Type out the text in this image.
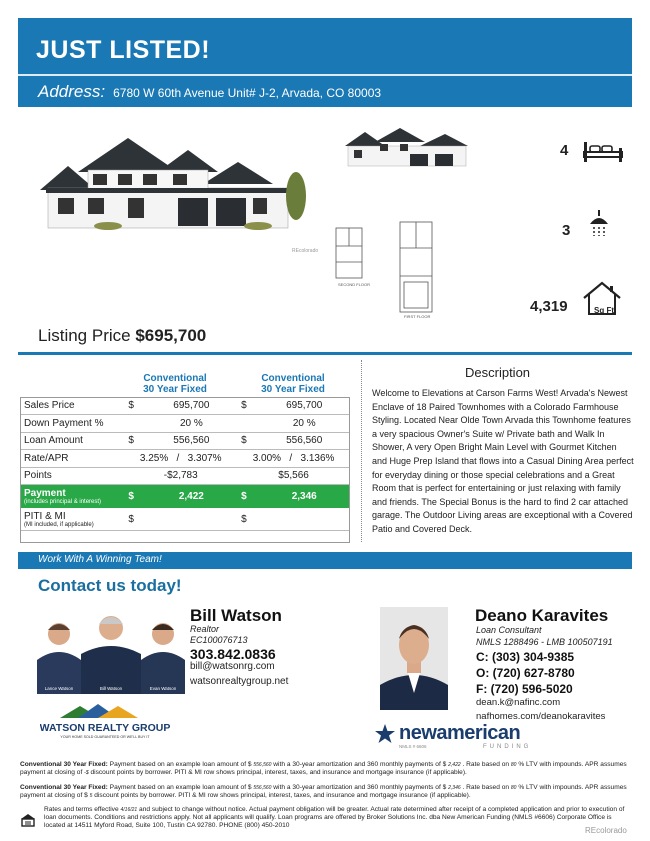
JUST LISTED!
Address: 6780 W 60th Avenue Unit# J-2, Arvada, CO 80003
REcolorado
SECOND FLOOR
FIRST FLOOR
4
3
4,319	Sq Ft
Listing Price $695,700
Conventional
30 Year Fixed
Conventional
30 Year Fixed
Sales Price	$	695,700	$	695,700
Down Payment %		20 %		20 %
Loan Amount	$	556,560	$	556,560
Rate/APR	3.25%   /   3.307%		3.00%   /   3.136%	
Points	-$2,783		$5,566	
Payment
(includes principal & interest)	$	2,422	$	2,346
PITI & MI
(MI included, if applicable)	$		$	
Description
Welcome to Elevations at Carson Farms West! Arvada's Newest Enclave of 18 Paired Townhomes with a Colorado Farmhouse Styling. Located Near Olde Town Arvada this Townhome features a very spacious Owner's Suite w/ Private bath and Walk In Shower, A very Open Bright Main Level with Gourmet Kitchen and Huge Prep Island that flows into a Casual Dining Area perfect for everyday dining or those special celebrations and a Great Room that is perfect for entertaining or just relaxing with family and friends. The Special Bonus is the hard to find 2 car attached garage. The Outdoor Living areas are exceptional with a Covered Patio and Covered Deck.
Work With A Winning Team!
Contact us today!
Lance Watson	Bill Watson	Evan Watson
WATSON REALTY GROUP
YOUR HOME SOLD GUARANTEED OR WE'LL BUY IT
Bill Watson
Realtor
EC100076713
303.842.0836
bill@watsonrg.com
watsonrealtygroup.net
Deano Karavites
Loan Consultant
NMLS 1288496 - LMB 100507191
C: (303) 304-9385
O: (720) 627-8780
F: (720) 596-5020
dean.k@nafinc.com
nafhomes.com/deanokaravites
newamerican
FUNDING
NMLS # 6606
Conventional 30 Year Fixed: Payment based on an example loan amount of $ 556,560 with a 30-year amortization and 360 monthly payments of $ 2,422 . Rate based on 80 % LTV with impounds. APR assumes payment at closing of -$ discount points by borrower. PITI & MI row shows principal, interest, taxes, and insurance and mortgage insurance (if applicable).
Conventional 30 Year Fixed: Payment based on an example loan amount of $ 556,560 with a 30-year amortization and 360 monthly payments of $ 2,346 . Rate based on 80 % LTV with impounds. APR assumes payment at closing of $ 5 discount points by borrower. PITI & MI row shows principal, interest, taxes, and insurance and mortgage insurance (if applicable).
Rates and terms effective 4/16/21 and subject to change without notice. Actual payment obligation will be greater. Actual rate determined after receipt of a completed application and prior to execution of loan documents. Conditions and restrictions apply. Not all applicants will qualify. Loan programs are offered by Broker Solutions Inc. dba New American Funding (NMLS #6606) Corporate Office is located at 14511 Myford Road, Suite 100, Tustin CA 92780. PHONE (800) 450-2010
REcolorado
